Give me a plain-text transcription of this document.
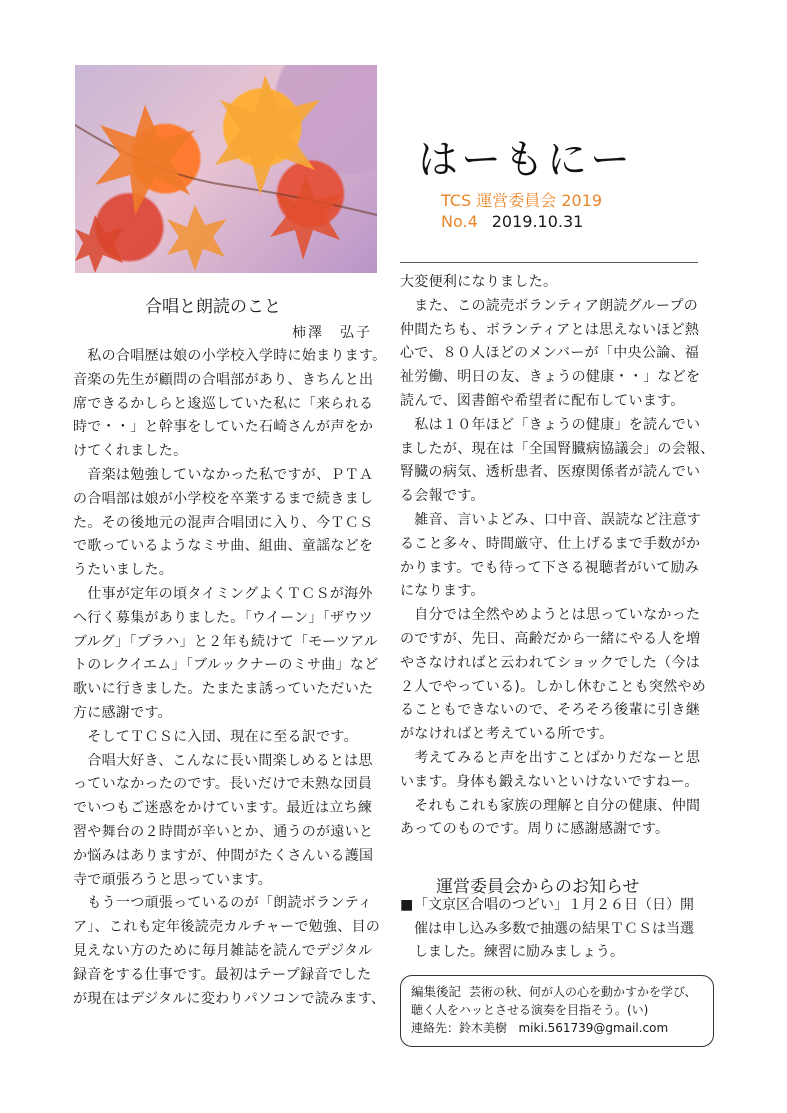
はーもにー
TCS 運営委員会 2019
No.4 2019.10.31
合唱と朗読のこと
柿澤　弘子

　私の合唱歴は娘の小学校入学時に始まります。

音楽の先生が顧問の合唱部があり、きちんと出

席できるかしらと逡巡していた私に「来られる

時で・・」と幹事をしていた石崎さんが声をか

けてくれました。

　音楽は勉強していなかった私ですが、ＰＴＡ

の合唱部は娘が小学校を卒業するまで続きまし

た。その後地元の混声合唱団に入り、今ＴＣＳ

で歌っているようなミサ曲、組曲、童謡などを

うたいました。

　仕事が定年の頃タイミングよくＴＣＳが海外

へ行く募集がありました。「ウイーン」「ザウツ

ブルグ」「プラハ」と２年も続けて「モーツアル

トのレクイエム」「ブルックナーのミサ曲」など

歌いに行きました。たまたま誘っていただいた

方に感謝です。

　そしてＴＣＳに入団、現在に至る訳です。

　合唱大好き、こんなに長い間楽しめるとは思

っていなかったのです。長いだけで未熟な団員

でいつもご迷惑をかけています。最近は立ち練

習や舞台の２時間が辛いとか、通うのが遠いと

か悩みはありますが、仲間がたくさんいる護国

寺で頑張ろうと思っています。

　もう一つ頑張っているのが「朗読ボランティ

ア」、これも定年後読売カルチャーで勉強、目の

見えない方のために毎月雑誌を読んでデジタル

録音をする仕事です。最初はテープ録音でした

が現在はデジタルに変わりパソコンで読みます、

大変便利になりました。

　また、この読売ボランティア朗読グループの

仲間たちも、ボランティアとは思えないほど熱

心で、８０人ほどのメンバーが「中央公論、福

祉労働、明日の友、きょうの健康・・」などを

読んで、図書館や希望者に配布しています。

　私は１０年ほど「きょうの健康」を読んでい

ましたが、現在は「全国腎臓病協議会」の会報、

腎臓の病気、透析患者、医療関係者が読んでい

る会報です。

　雑音、言いよどみ、口中音、誤読など注意す

ること多々、時間厳守、仕上げるまで手数がか

かります。でも待って下さる視聴者がいて励み

になります。

　自分では全然やめようとは思っていなかった

のですが、先日、高齢だから一緒にやる人を増

やさなければと云われてショックでした（今は

２人でやっている)。しかし休むことも突然やめ

ることもできないので、そろそろ後輩に引き継

がなければと考えている所です。

　考えてみると声を出すことばかりだなーと思

います。身体も鍛えないといけないですねー。

　それもこれも家族の理解と自分の健康、仲間

あってのものです。周りに感謝感謝です。

運営委員会からのお知らせ

■「文京区合唱のつどい」１月２６日（日）開

催は申し込み多数で抽選の結果ＴＣＳは当選

しました。練習に励みましょう。

編集後記 芸術の秋、何が人の心を動かすかを学び、

聴く人をハッとさせる演奏を目指そう。(い)

連絡先：鈴木美樹 miki.561739@gmail.com
